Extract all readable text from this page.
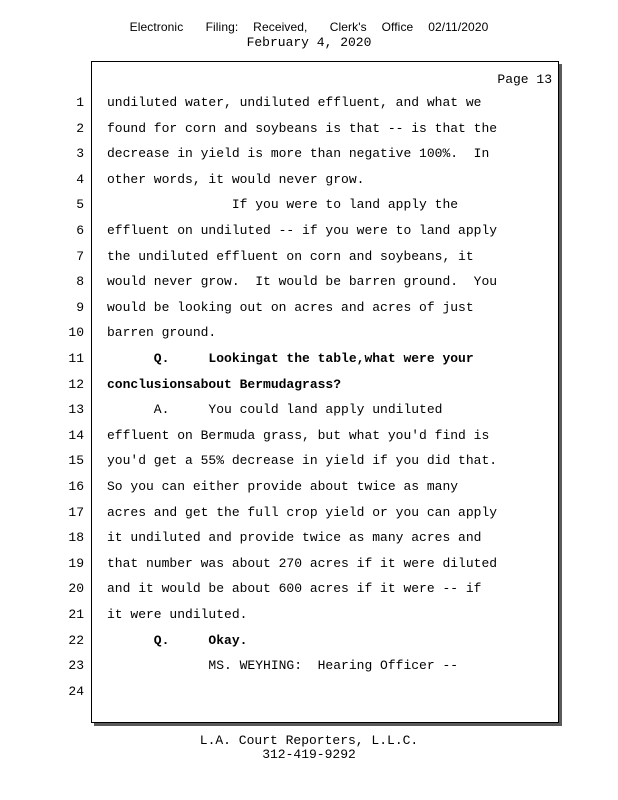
Electronic   Filing:  Received,   Clerk's  Office  02/11/2020
February 4, 2020
Page 13
1 undiluted water, undiluted effluent, and what we
2 found for corn and soybeans is that -- is that the
3 decrease in yield is more than negative 100%.  In
4 other words, it would never grow.
5 If you were to land apply the
6 effluent on undiluted -- if you were to land apply
7 the undiluted effluent on corn and soybeans, it
8 would never grow.  It would be barren ground.  You
9 would be looking out on acres and acres of just
10 barren ground.
11 Q.     Lookingat the table,what were your
12 conclusionsabout Bermudagrass?
13 A.     You could land apply undiluted
14 effluent on Bermuda grass, but what you'd find is
15 you'd get a 55% decrease in yield if you did that.
16 So you can either provide about twice as many
17 acres and get the full crop yield or you can apply
18 it undiluted and provide twice as many acres and
19 that number was about 270 acres if it were diluted
20 and it would be about 600 acres if it were -- if
21 it were undiluted.
22 Q.     Okay.
23 MS. WEYHING:  Hearing Officer --
24
L.A. Court Reporters, L.L.C.
312-419-9292
